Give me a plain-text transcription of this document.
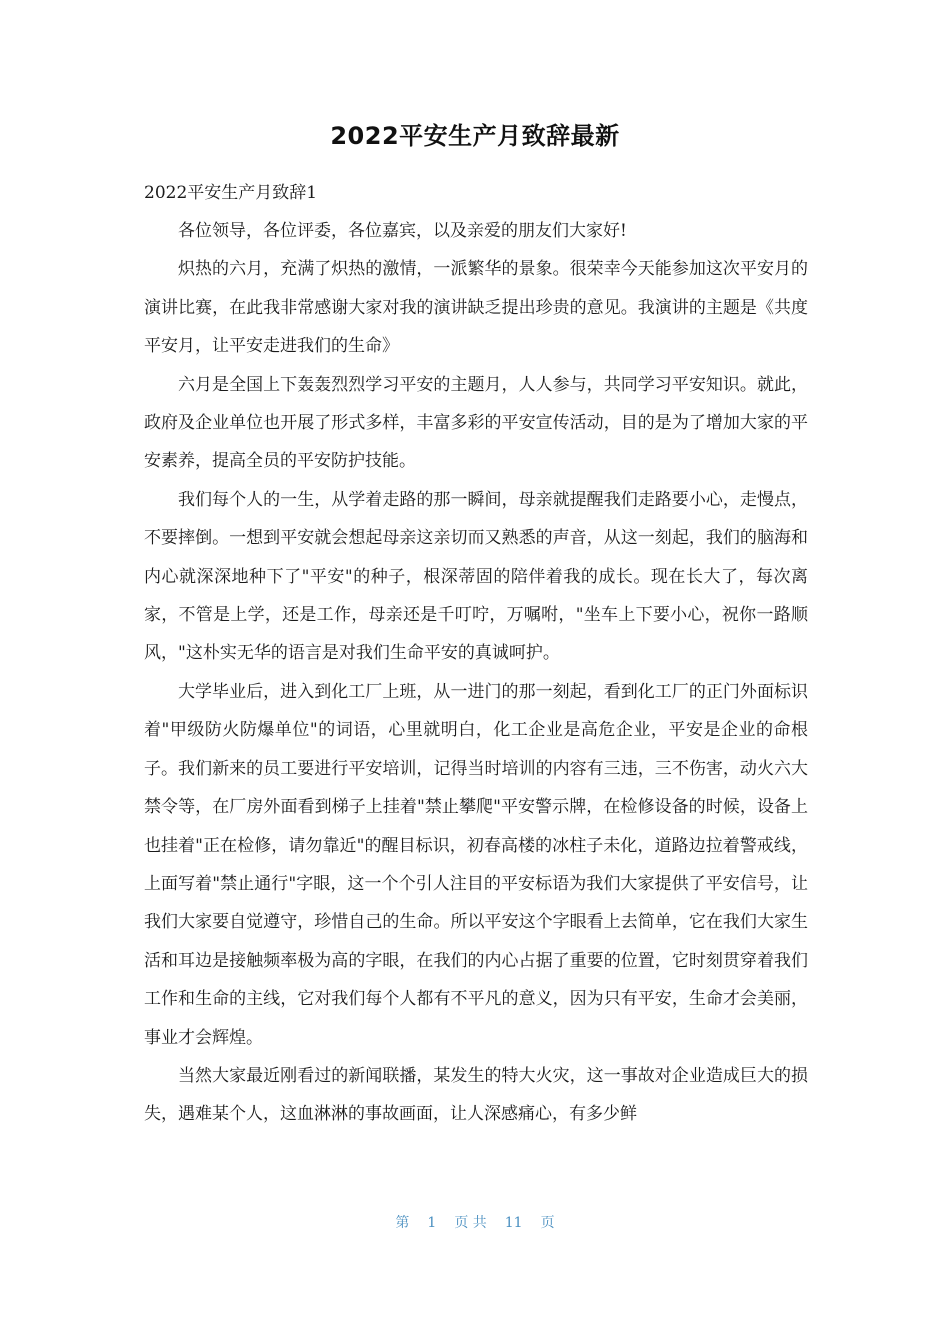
2022平安生产月致辞最新

2022平安生产月致辞1

各位领导，各位评委，各位嘉宾，以及亲爱的朋友们大家好!

炽热的六月，充满了炽热的激情，一派繁华的景象。很荣幸今天能参加这次平安月的演讲比赛，在此我非常感谢大家对我的演讲缺乏提出珍贵的意见。我演讲的主题是《共度平安月，让平安走进我们的生命》

六月是全国上下轰轰烈烈学习平安的主题月，人人参与，共同学习平安知识。就此，政府及企业单位也开展了形式多样，丰富多彩的平安宣传活动，目的是为了增加大家的平安素养，提高全员的平安防护技能。

我们每个人的一生，从学着走路的那一瞬间，母亲就提醒我们走路要小心，走慢点，不要摔倒。一想到平安就会想起母亲这亲切而又熟悉的声音，从这一刻起，我们的脑海和内心就深深地种下了"平安"的种子，根深蒂固的陪伴着我的成长。现在长大了，每次离家，不管是上学，还是工作，母亲还是千叮咛，万嘱咐，"坐车上下要小心，祝你一路顺风，"这朴实无华的语言是对我们生命平安的真诚呵护。

大学毕业后，进入到化工厂上班，从一进门的那一刻起，看到化工厂的正门外面标识着"甲级防火防爆单位"的词语，心里就明白，化工企业是高危企业，平安是企业的命根子。我们新来的员工要进行平安培训，记得当时培训的内容有三违，三不伤害，动火六大禁令等，在厂房外面看到梯子上挂着"禁止攀爬"平安警示牌，在检修设备的时候，设备上也挂着"正在检修，请勿靠近"的醒目标识，初春高楼的冰柱子未化，道路边拉着警戒线，上面写着"禁止通行"字眼，这一个个引人注目的平安标语为我们大家提供了平安信号，让我们大家要自觉遵守，珍惜自己的生命。所以平安这个字眼看上去简单，它在我们大家生活和耳边是接触频率极为高的字眼，在我们的内心占据了重要的位置，它时刻贯穿着我们工作和生命的主线，它对我们每个人都有不平凡的意义，因为只有平安，生命才会美丽，事业才会辉煌。

当然大家最近刚看过的新闻联播，某发生的特大火灾，这一事故对企业造成巨大的损失，遇难某个人，这血淋淋的事故画面，让人深感痛心，有多少鲜

第 1 页 共 11 页
